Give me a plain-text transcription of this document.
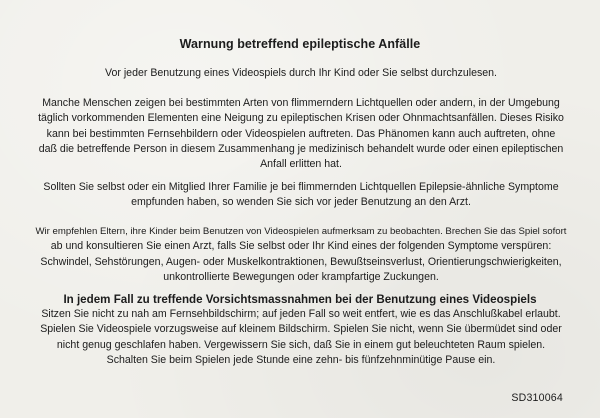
Warnung betreffend epileptische Anfälle

Vor jeder Benutzung eines Videospiels durch Ihr Kind oder Sie selbst durchzulesen.

Manche Menschen zeigen bei bestimmten Arten von flimmerndern Lichtquellen oder andern, in der Umgebung
täglich vorkommenden Elementen eine Neigung zu epileptischen Krisen oder Ohnmachtsanfällen. Dieses Risiko
kann bei bestimmten Fernsehbildern oder Videospielen auftreten. Das Phänomen kann auch auftreten, ohne
daß die betreffende Person in diesem Zusammenhang je medizinisch behandelt wurde oder einen epileptischen
Anfall erlitten hat.

Sollten Sie selbst oder ein Mitglied Ihrer Familie je bei flimmernden Lichtquellen Epilepsie-ähnliche Symptome
empfunden haben, so wenden Sie sich vor jeder Benutzung an den Arzt.

Wir empfehlen Eltern, ihre Kinder beim Benutzen von Videospielen aufmerksam zu beobachten. Brechen Sie das Spiel sofort
ab und konsultieren Sie einen Arzt, falls Sie selbst oder Ihr Kind eines der folgenden Symptome verspüren:
Schwindel, Sehstörungen, Augen- oder Muskelkontraktionen, Bewußtseinsverlust, Orientierungschwierigkeiten,
unkontrollierte Bewegungen oder krampfartige Zuckungen.

In jedem Fall zu treffende Vorsichtsmassnahmen bei der Benutzung eines Videospiels

Sitzen Sie nicht zu nah am Fernsehbildschirm; auf jeden Fall so weit entfert, wie es das Anschlußkabel erlaubt.
Spielen Sie Videospiele vorzugsweise auf kleinem Bildschirm. Spielen Sie nicht, wenn Sie übermüdet sind oder
nicht genug geschlafen haben. Vergewissern Sie sich, daß Sie in einem gut beleuchteten Raum spielen.
Schalten Sie beim Spielen jede Stunde eine zehn- bis fünfzehnminütige Pause ein.

SD310064
